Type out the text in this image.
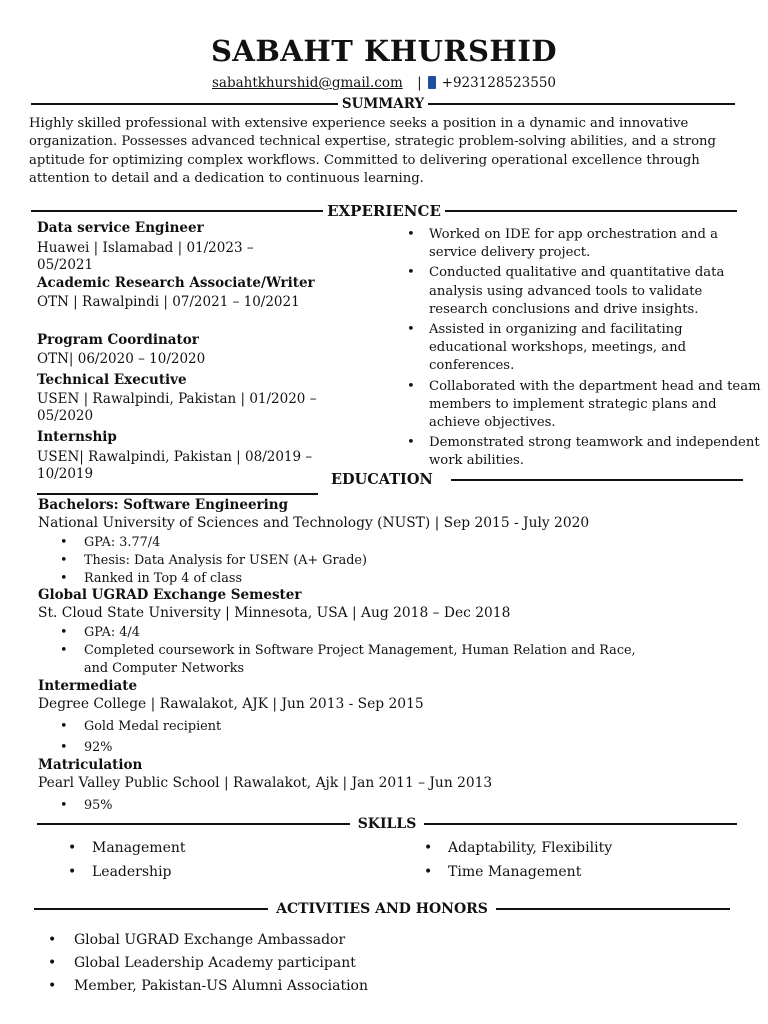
SABAHT KHURSHID
sabahtkhurshid@gmail.com | +923128523550
SUMMARY
Highly skilled professional with extensive experience seeks a position in a dynamic and innovative organization. Possesses advanced technical expertise, strategic problem-solving abilities, and a strong aptitude for optimizing complex workflows. Committed to delivering operational excellence through attention to detail and a dedication to continuous learning.
EXPERIENCE
Data service Engineer
Huawei | Islamabad | 01/2023 – 05/2021
Academic Research Associate/Writer
OTN | Rawalpindi | 07/2021 – 10/2021
Program Coordinator
OTN| 06/2020 – 10/2020
Technical Executive
USEN | Rawalpindi, Pakistan | 01/2020 – 05/2020
Internship
USEN| Rawalpindi, Pakistan | 08/2019 – 10/2019
• Worked on IDE for app orchestration and a service delivery project.
• Conducted qualitative and quantitative data analysis using advanced tools to validate research conclusions and drive insights.
• Assisted in organizing and facilitating educational workshops, meetings, and conferences.
• Collaborated with the department head and team members to implement strategic plans and achieve objectives.
• Demonstrated strong teamwork and independent work abilities.
EDUCATION
Bachelors: Software Engineering
National University of Sciences and Technology (NUST) | Sep 2015 - July 2020
• GPA: 3.77/4
• Thesis: Data Analysis for USEN (A+ Grade)
• Ranked in Top 4 of class
Global UGRAD Exchange Semester
St. Cloud State University | Minnesota, USA | Aug 2018 – Dec 2018
• GPA: 4/4
• Completed coursework in Software Project Management, Human Relation and Race, and Computer Networks
Intermediate
Degree College | Rawalakot, AJK | Jun 2013 - Sep 2015
• Gold Medal recipient
• 92%
Matriculation
Pearl Valley Public School | Rawalakot, Ajk | Jan 2011 – Jun 2013
• 95%
SKILLS
• Management
• Leadership
• Adaptability, Flexibility
• Time Management
ACTIVITIES AND HONORS
• Global UGRAD Exchange Ambassador
• Global Leadership Academy participant
• Member, Pakistan-US Alumni Association
